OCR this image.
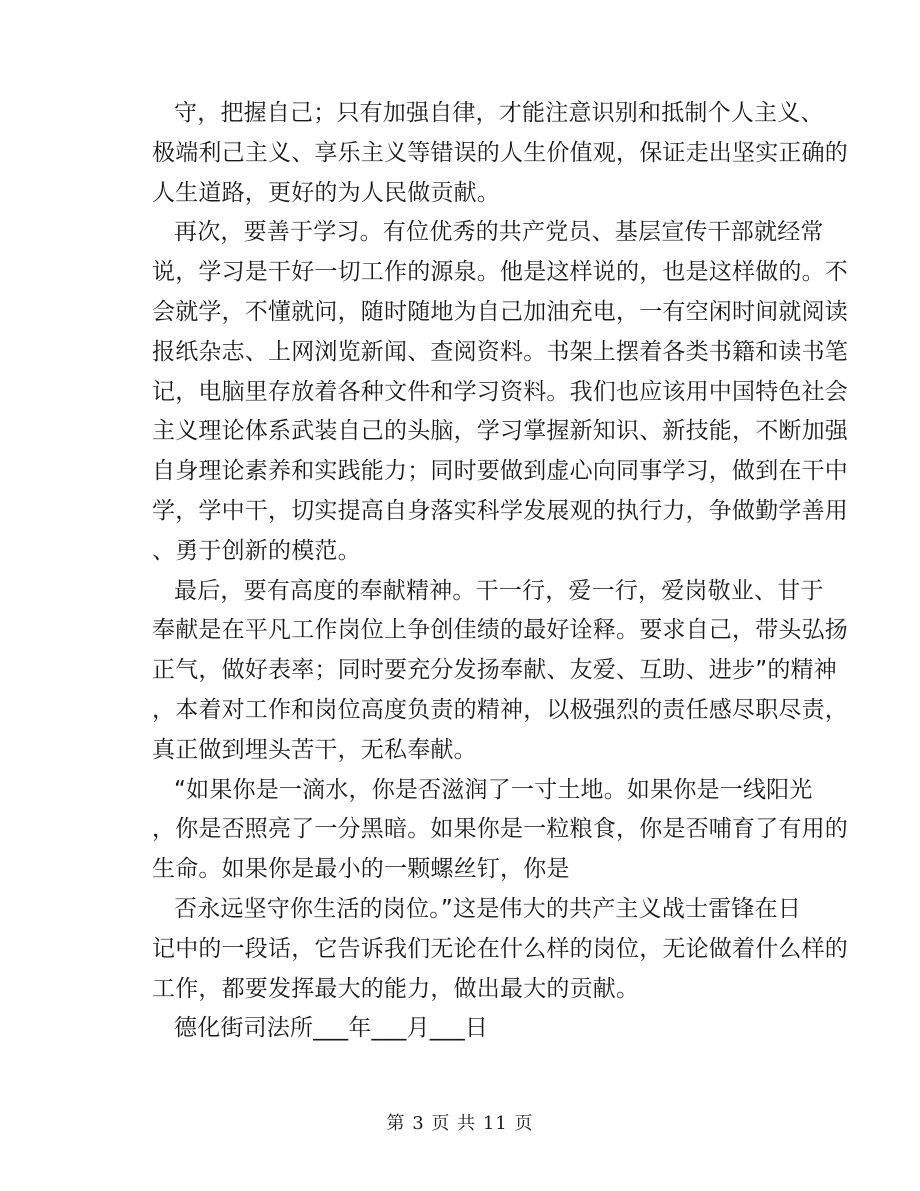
守，把握自己；只有加强自律，才能注意识别和抵制个人主义、
极端利己主义、享乐主义等错误的人生价值观，保证走出坚实正确的
人生道路，更好的为人民做贡献。
再次，要善于学习。有位优秀的共产党员、基层宣传干部就经常
说，学习是干好一切工作的源泉。他是这样说的，也是这样做的。不
会就学，不懂就问，随时随地为自己加油充电，一有空闲时间就阅读
报纸杂志、上网浏览新闻、查阅资料。书架上摆着各类书籍和读书笔
记，电脑里存放着各种文件和学习资料。我们也应该用中国特色社会
主义理论体系武装自己的头脑，学习掌握新知识、新技能，不断加强
自身理论素养和实践能力；同时要做到虚心向同事学习，做到在干中
学，学中干，切实提高自身落实科学发展观的执行力，争做勤学善用
、勇于创新的模范。
最后，要有高度的奉献精神。干一行，爱一行，爱岗敬业、甘于
奉献是在平凡工作岗位上争创佳绩的最好诠释。要求自己，带头弘扬
正气，做好表率；同时要充分发扬奉献、友爱、互助、进步”的精神
，本着对工作和岗位高度负责的精神，以极强烈的责任感尽职尽责，
真正做到埋头苦干，无私奉献。
“如果你是一滴水，你是否滋润了一寸土地。如果你是一线阳光
，你是否照亮了一分黑暗。如果你是一粒粮食，你是否哺育了有用的
生命。如果你是最小的一颗螺丝钉，你是
否永远坚守你生活的岗位。”这是伟大的共产主义战士雷锋在日
记中的一段话，它告诉我们无论在什么样的岗位，无论做着什么样的
工作，都要发挥最大的能力，做出最大的贡献。
德化街司法所___年___月___日
第 3 页 共 11 页
